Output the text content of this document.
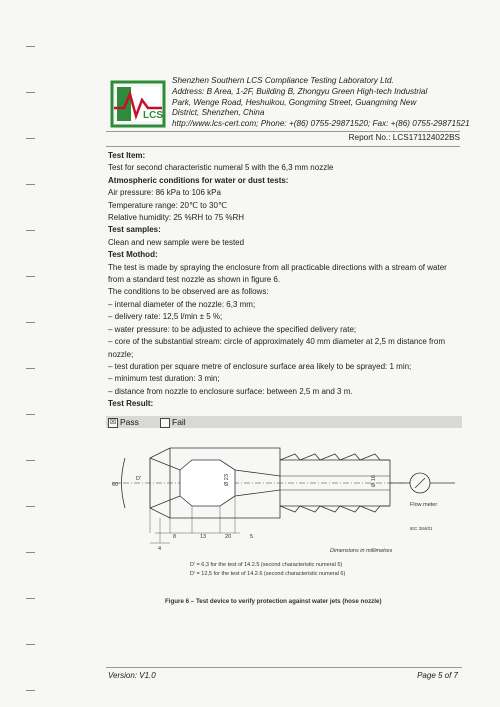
LCS
Shenzhen Southern LCS Compliance Testing Laboratory Ltd.
Address: B Area, 1-2F, Building B, Zhongyu Green High-tech Industrial
Park, Wenge Road, Heshuikou, Gongming Street, Guangming New
District, Shenzhen, China
http://www.lcs-cert.com; Phone: +(86) 0755-29871520; Fax: +(86) 0755-29871521
Report No.: LCS171124022BS

Test Item:

Test for second characteristic numeral 5 with the 6,3 mm nozzle

Atmospheric conditions for water or dust tests:

Air pressure: 86 kPa to 106 kPa

Temperature range: 20℃ to 30℃

Relative humidity: 25 %RH to 75 %RH

Test samples:

Clean and new sample were be tested

Test Mothod:

The test is made by spraying the enclosure from all practicable directions with a stream of water

from a standard test nozzle as shown in figure 6.

The conditions to be observed are as follows:

– internal diameter of the nozzle: 6,3 mm;

– delivery rate: 12,5 l/min ± 5 %;

– water pressure: to be adjusted to achieve the specified delivery rate;

– core of the substantial stream: circle of approximately 40 mm diameter at 2,5 m distance from

nozzle;

– test duration per square metre of enclosure surface area likely to be sprayed: 1 min;

– minimum test duration: 3 min;

– distance from nozzle to enclosure surface: between 2,5 m and 3 m.

Test Result:

☒ Pass	Fail
60°
D'	Ø 23	Ø 16
4
8	13	20	5
Flow meter
IEC 284/01
Dimensions in millimetres
D' = 6,3 for the test of 14.2.5 (second characteristic numeral 5)
D' = 12,5 for the test of 14.2.6 (second characteristic numeral 6)
Figure 6 – Test device to verify protection against water jets (hose nozzle)
Version: V1.0	Page 5 of 7
